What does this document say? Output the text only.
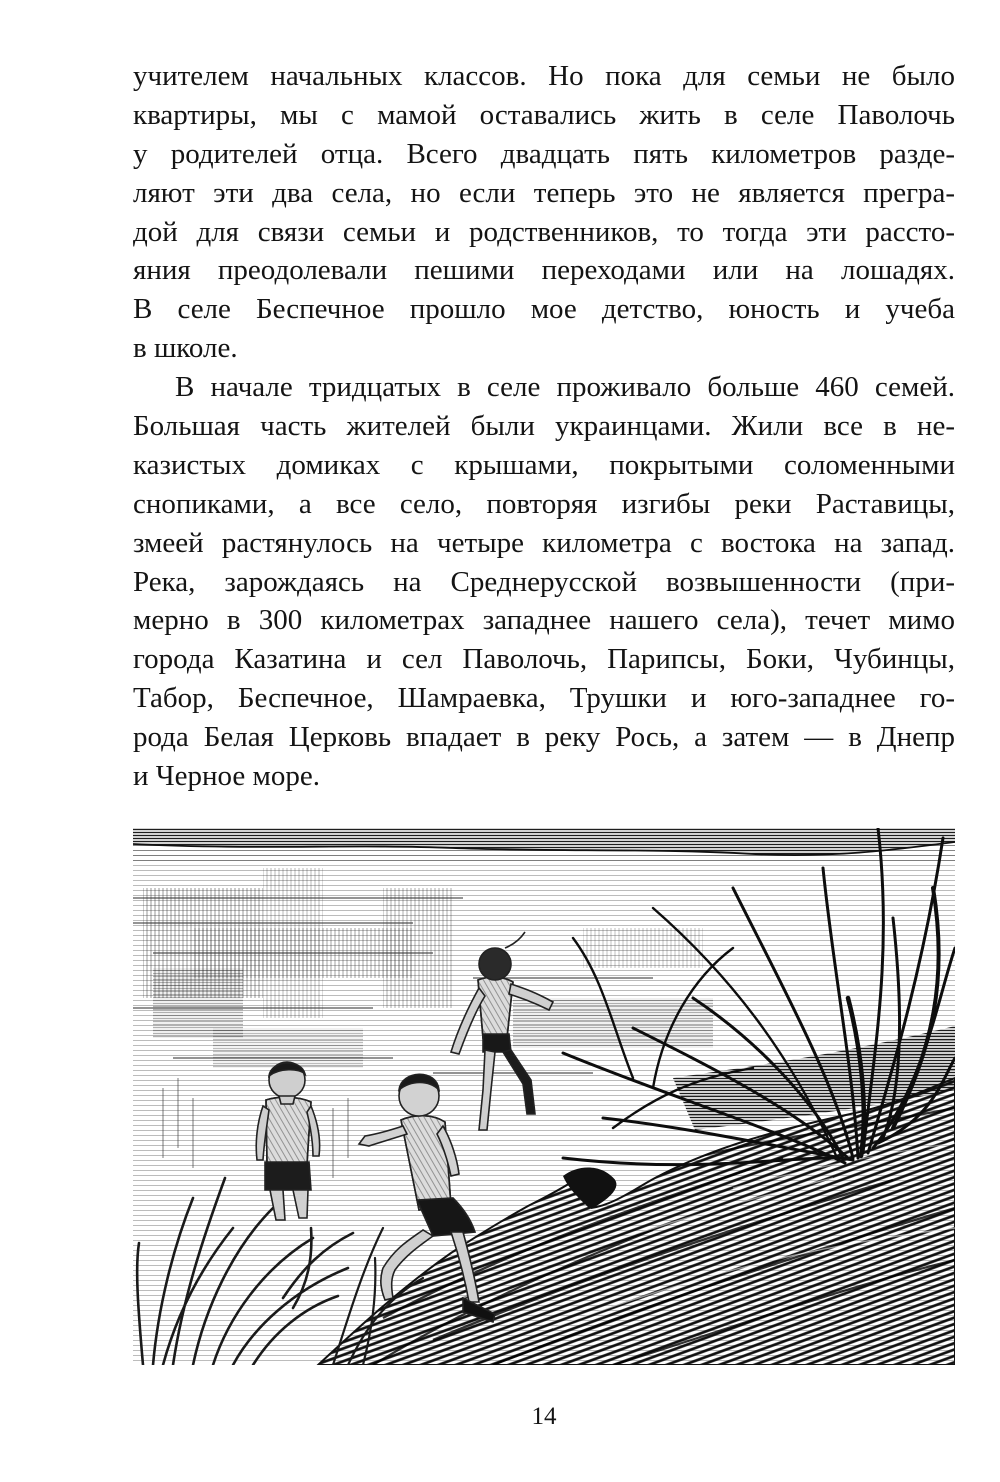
учителем начальных классов. Но пока для семьи не было
квартиры, мы с мамой оставались жить в селе Паволочь
у родителей отца. Всего двадцать пять километров разде-
ляют эти два села, но если теперь это не является прегра-
дой для связи семьи и родственников, то тогда эти рассто-
яния преодолевали пешими переходами или на лошадях.
В селе Беспечное прошло мое детство, юность и учеба
в школе.
В начале тридцатых в селе проживало больше 460 семей.
Большая часть жителей были украинцами. Жили все в не-
казистых домиках с крышами, покрытыми соломенными
снопиками, а все село, повторяя изгибы реки Раставицы,
змеей растянулось на четыре километра с востока на запад.
Река, зарождаясь на Среднерусской возвышенности (при-
мерно в 300 километрах западнее нашего села), течет мимо
города Казатина и сел Паволочь, Парипсы, Боки, Чубинцы,
Табор, Беспечное, Шамраевка, Трушки и юго-западнее го-
рода Белая Церковь впадает в реку Рось, а затем — в Днепр
и Черное море.
14
